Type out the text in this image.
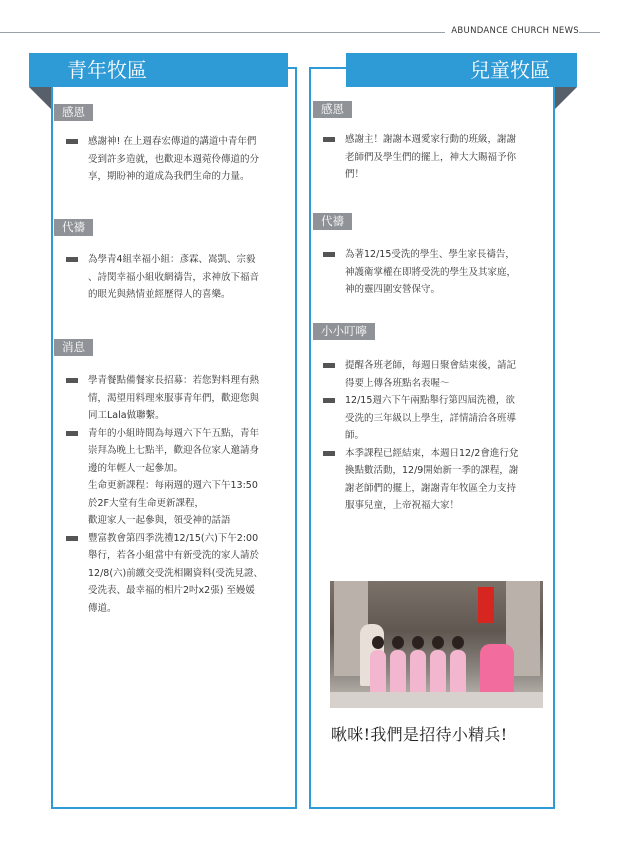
ABUNDANCE CHURCH NEWS
青年牧區
感恩
感謝神! 在上週春宏傳道的講道中青年們
受到許多造就，也歡迎本週菀伶傳道的分
享，期盼神的道成為我們生命的力量。
代禱
為學青4組幸福小組：彥霖、嵩凱、宗毅
、詩閔幸福小組收網禱告，求神放下福音
的眼光與熱情並經歷得人的喜樂。
消息
學青餐點備餐家長招募：若您對料理有熱
情，渴望用料理來服事青年們，歡迎您與
同工Lala做聯繫。
青年的小組時間為每週六下午五點，青年
崇拜為晚上七點半，歡迎各位家人邀請身
邊的年輕人一起參加。
生命更新課程：每兩週的週六下午13:50
於2F大堂有生命更新課程，
歡迎家人一起參與，領受神的話語
豐富教會第四季洗禮12/15(六)下午2:00
舉行，若各小組當中有新受洗的家人請於
12/8(六)前繳交受洗相關資料(受洗見證、
受洗表、最幸福的相片2吋x2張) 至嫚媛
傳道。
兒童牧區
感恩
感謝主！謝謝本週愛家行動的班級，謝謝
老師們及學生們的擺上，神大大賜福予你
們！
代禱
為著12/15受洗的學生、學生家長禱告，
神護衛掌權在即將受洗的學生及其家庭，
神的靈四圍安營保守。
小小叮嚀
提醒各班老師，每週日聚會結束後，請記
得要上傳各班點名表喔～
12/15週六下午兩點舉行第四屆洗禮，欲
受洗的三年級以上學生，詳情請洽各班導
師。
本季課程已經結束，本週日12/2會進行兌
換點數活動，12/9開始新一季的課程，謝
謝老師們的擺上，謝謝青年牧區全力支持
服事兒童，上帝祝福大家！
啾咪!我們是招待小精兵!
